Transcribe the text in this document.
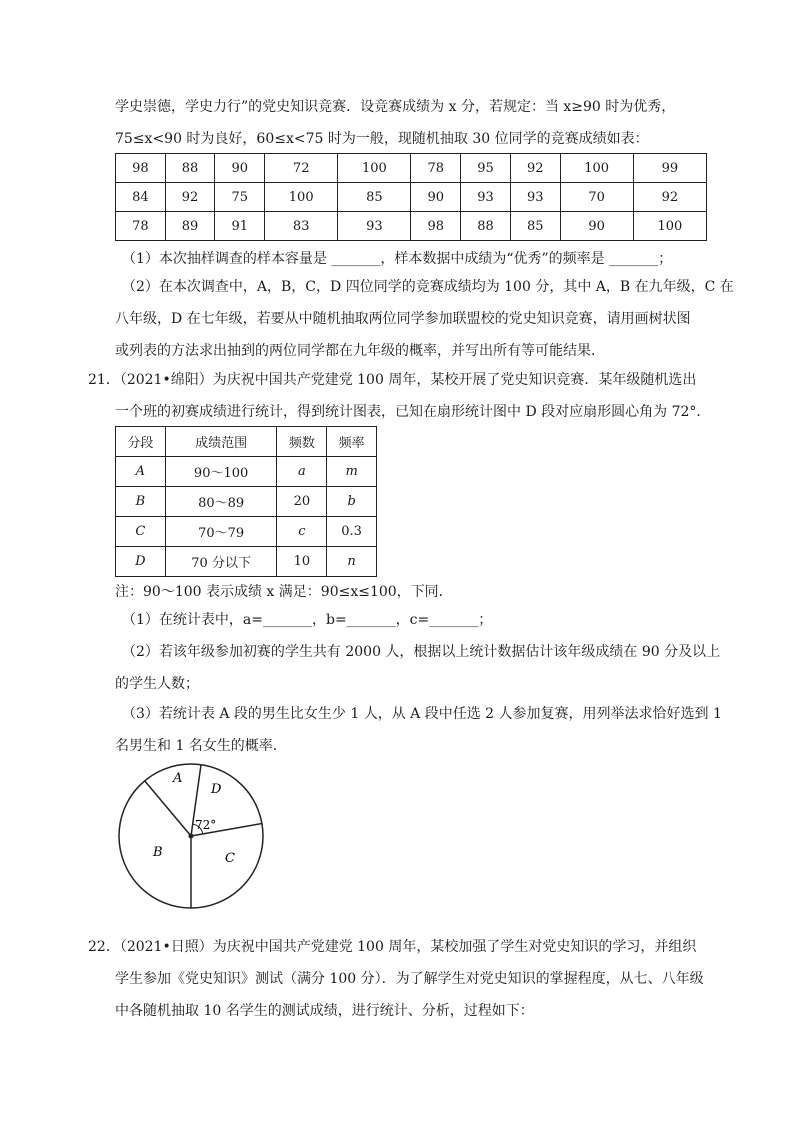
学史崇德，学史力行”的党史知识竞赛．设竞赛成绩为 x 分，若规定：当 x≥90 时为优秀，
75≤x<90 时为良好，60≤x<75 时为一般，现随机抽取 30 位同学的竞赛成绩如表：
98	88	90	72	100	78	95	92	100	99
84	92	75	100	85	90	93	93	70	92
78	89	91	83	93	98	88	85	90	100
（1）本次抽样调查的样本容量是 _______，样本数据中成绩为“优秀”的频率是 _______；
（2）在本次调查中，A，B，C，D 四位同学的竞赛成绩均为 100 分，其中 A，B 在九年级，C 在
八年级，D 在七年级，若要从中随机抽取两位同学参加联盟校的党史知识竞赛，请用画树状图
或列表的方法求出抽到的两位同学都在九年级的概率，并写出所有等可能结果．
21．（2021•绵阳）为庆祝中国共产党建党 100 周年，某校开展了党史知识竞赛．某年级随机选出
一个班的初赛成绩进行统计，得到统计图表，已知在扇形统计图中 D 段对应扇形圆心角为 72°．
分段	成绩范围	频数	频率
A	90～100	a	m
B	80～89	20	b
C	70～79	c	0.3
D	70 分以下	10	n
注：90～100 表示成绩 x 满足：90≤x≤100，下同．
（1）在统计表中，a=_______，b=_______，c=_______；
（2）若该年级参加初赛的学生共有 2000 人，根据以上统计数据估计该年级成绩在 90 分及以上
的学生人数；
（3）若统计表 A 段的男生比女生少 1 人，从 A 段中任选 2 人参加复赛，用列举法求恰好选到 1
名男生和 1 名女生的概率．
A
D
B	C
72°
22．（2021•日照）为庆祝中国共产党建党 100 周年，某校加强了学生对党史知识的学习，并组织
学生参加《党史知识》测试（满分 100 分）．为了解学生对党史知识的掌握程度，从七、八年级
中各随机抽取 10 名学生的测试成绩，进行统计、分析，过程如下：
